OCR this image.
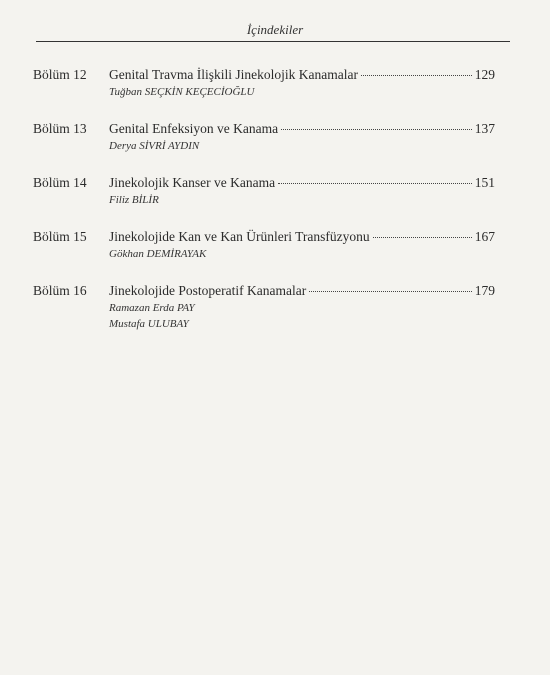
İçindekiler
Bölüm 12	Genital Travma İlişkili Jinekolojik Kanamalar	129
Tuğban SEÇKİN KEÇECİOĞLU
Bölüm 13	Genital Enfeksiyon ve Kanama	137
Derya SİVRİ AYDIN
Bölüm 14	Jinekolojik Kanser ve Kanama	151
Filiz BİLİR
Bölüm 15	Jinekolojide Kan ve Kan Ürünleri Transfüzyonu	167
Gökhan DEMİRAYAK
Bölüm 16	Jinekolojide Postoperatif Kanamalar	179
Ramazan Erda PAY
Mustafa ULUBAY
